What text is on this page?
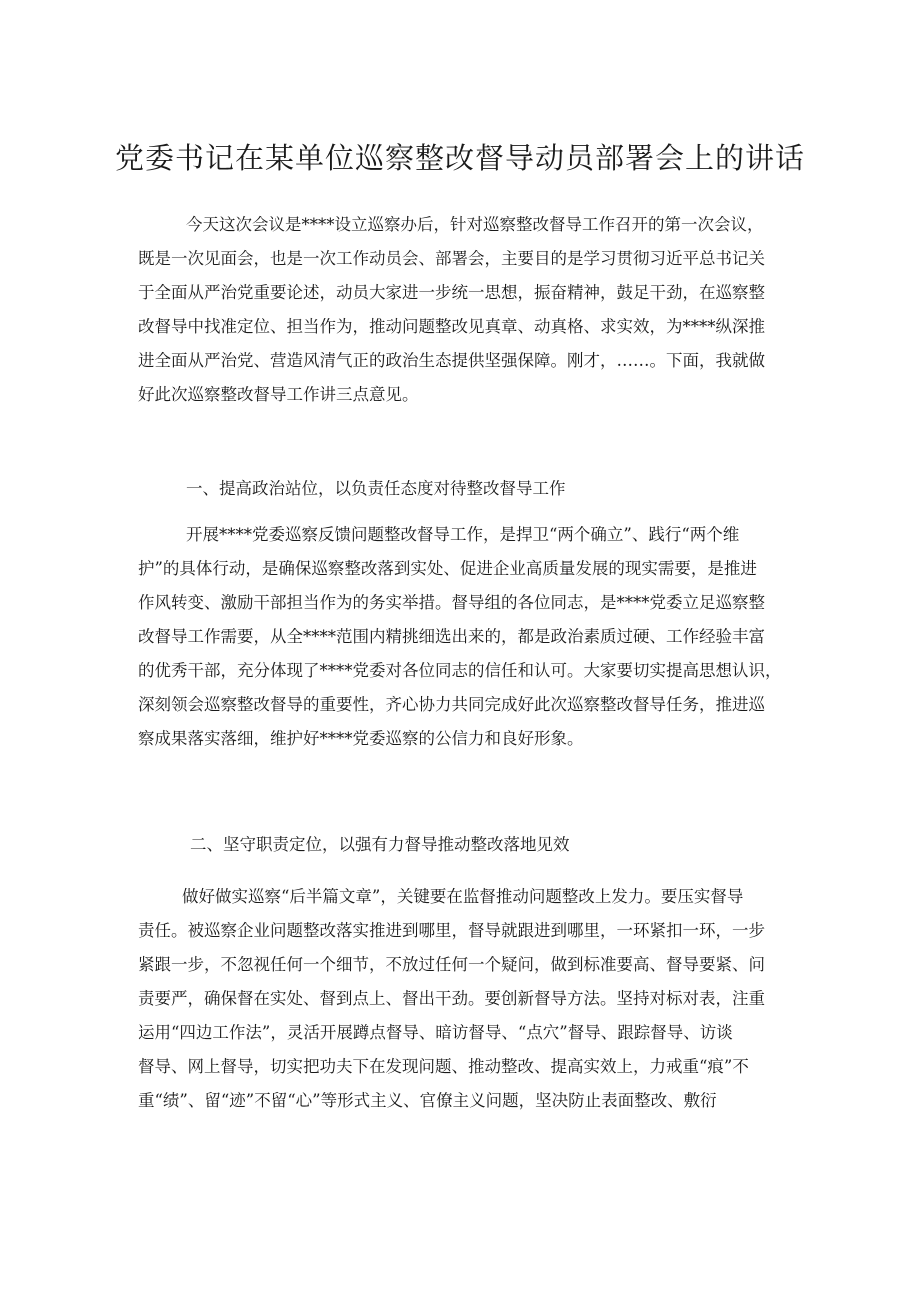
党委书记在某单位巡察整改督导动员部署会上的讲话
今天这次会议是****设立巡察办后，针对巡察整改督导工作召开的第一次会议，
既是一次见面会，也是一次工作动员会、部署会，主要目的是学习贯彻习近平总书记关
于全面从严治党重要论述，动员大家进一步统一思想，振奋精神，鼓足干劲，在巡察整
改督导中找准定位、担当作为，推动问题整改见真章、动真格、求实效，为****纵深推
进全面从严治党、营造风清气正的政治生态提供坚强保障。刚才，……。下面，我就做
好此次巡察整改督导工作讲三点意见。
一、提高政治站位，以负责任态度对待整改督导工作
开展****党委巡察反馈问题整改督导工作，是捍卫“两个确立”、践行“两个维
护”的具体行动，是确保巡察整改落到实处、促进企业高质量发展的现实需要，是推进
作风转变、激励干部担当作为的务实举措。督导组的各位同志，是****党委立足巡察整
改督导工作需要，从全****范围内精挑细选出来的，都是政治素质过硬、工作经验丰富
的优秀干部，充分体现了****党委对各位同志的信任和认可。大家要切实提高思想认识，
深刻领会巡察整改督导的重要性，齐心协力共同完成好此次巡察整改督导任务，推进巡
察成果落实落细，维护好****党委巡察的公信力和良好形象。
二、坚守职责定位，以强有力督导推动整改落地见效
做好做实巡察“后半篇文章”，关键要在监督推动问题整改上发力。要压实督导
责任。被巡察企业问题整改落实推进到哪里，督导就跟进到哪里，一环紧扣一环，一步
紧跟一步，不忽视任何一个细节，不放过任何一个疑问，做到标准要高、督导要紧、问
责要严，确保督在实处、督到点上、督出干劲。要创新督导方法。坚持对标对表，注重
运用“四边工作法”，灵活开展蹲点督导、暗访督导、“点穴”督导、跟踪督导、访谈
督导、网上督导，切实把功夫下在发现问题、推动整改、提高实效上，力戒重“痕”不
重“绩”、留“迹”不留“心”等形式主义、官僚主义问题，坚决防止表面整改、敷衍
